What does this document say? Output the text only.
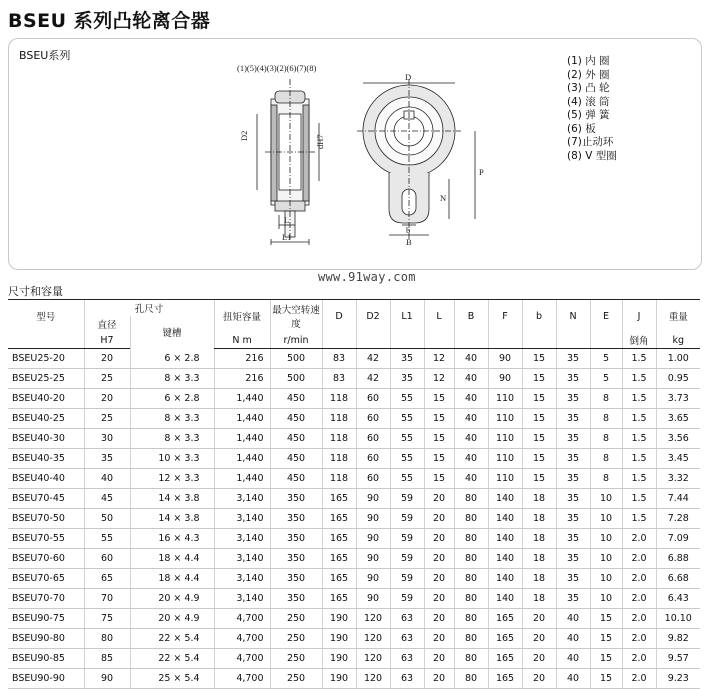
BSEU 系列凸轮离合器
BSEU系列
(1)(5)(4)(3)(2)(6)(7)(8)
D2	dH7
L
L1
D
P
N
b
B
(1) 内 圈
(2) 外 圈
(3) 凸 轮
(4) 滚 筒
(5) 弹 簧
(6) 板
(7)止动环
(8) V 型圈
www.91way.com
尺寸和容量
型号	孔尺寸		扭矩容量	最大空转速度	D	D2	L1	L	B	F	b	N	E	J	重量
	直径	键槽													
	H7		N m	r/min										倒角	kg
BSEU25-20	20	6 × 2.8	216	500	83	42	35	12	40	90	15	35	5	1.5	1.00
BSEU25-25	25	8 × 3.3	216	500	83	42	35	12	40	90	15	35	5	1.5	0.95
BSEU40-20	20	6 × 2.8	1,440	450	118	60	55	15	40	110	15	35	8	1.5	3.73
BSEU40-25	25	8 × 3.3	1,440	450	118	60	55	15	40	110	15	35	8	1.5	3.65
BSEU40-30	30	8 × 3.3	1,440	450	118	60	55	15	40	110	15	35	8	1.5	3.56
BSEU40-35	35	10 × 3.3	1,440	450	118	60	55	15	40	110	15	35	8	1.5	3.45
BSEU40-40	40	12 × 3.3	1,440	450	118	60	55	15	40	110	15	35	8	1.5	3.32
BSEU70-45	45	14 × 3.8	3,140	350	165	90	59	20	80	140	18	35	10	1.5	7.44
BSEU70-50	50	14 × 3.8	3,140	350	165	90	59	20	80	140	18	35	10	1.5	7.28
BSEU70-55	55	16 × 4.3	3,140	350	165	90	59	20	80	140	18	35	10	2.0	7.09
BSEU70-60	60	18 × 4.4	3,140	350	165	90	59	20	80	140	18	35	10	2.0	6.88
BSEU70-65	65	18 × 4.4	3,140	350	165	90	59	20	80	140	18	35	10	2.0	6.68
BSEU70-70	70	20 × 4.9	3,140	350	165	90	59	20	80	140	18	35	10	2.0	6.43
BSEU90-75	75	20 × 4.9	4,700	250	190	120	63	20	80	165	20	40	15	2.0	10.10
BSEU90-80	80	22 × 5.4	4,700	250	190	120	63	20	80	165	20	40	15	2.0	9.82
BSEU90-85	85	22 × 5.4	4,700	250	190	120	63	20	80	165	20	40	15	2.0	9.57
BSEU90-90	90	25 × 5.4	4,700	250	190	120	63	20	80	165	20	40	15	2.0	9.23
